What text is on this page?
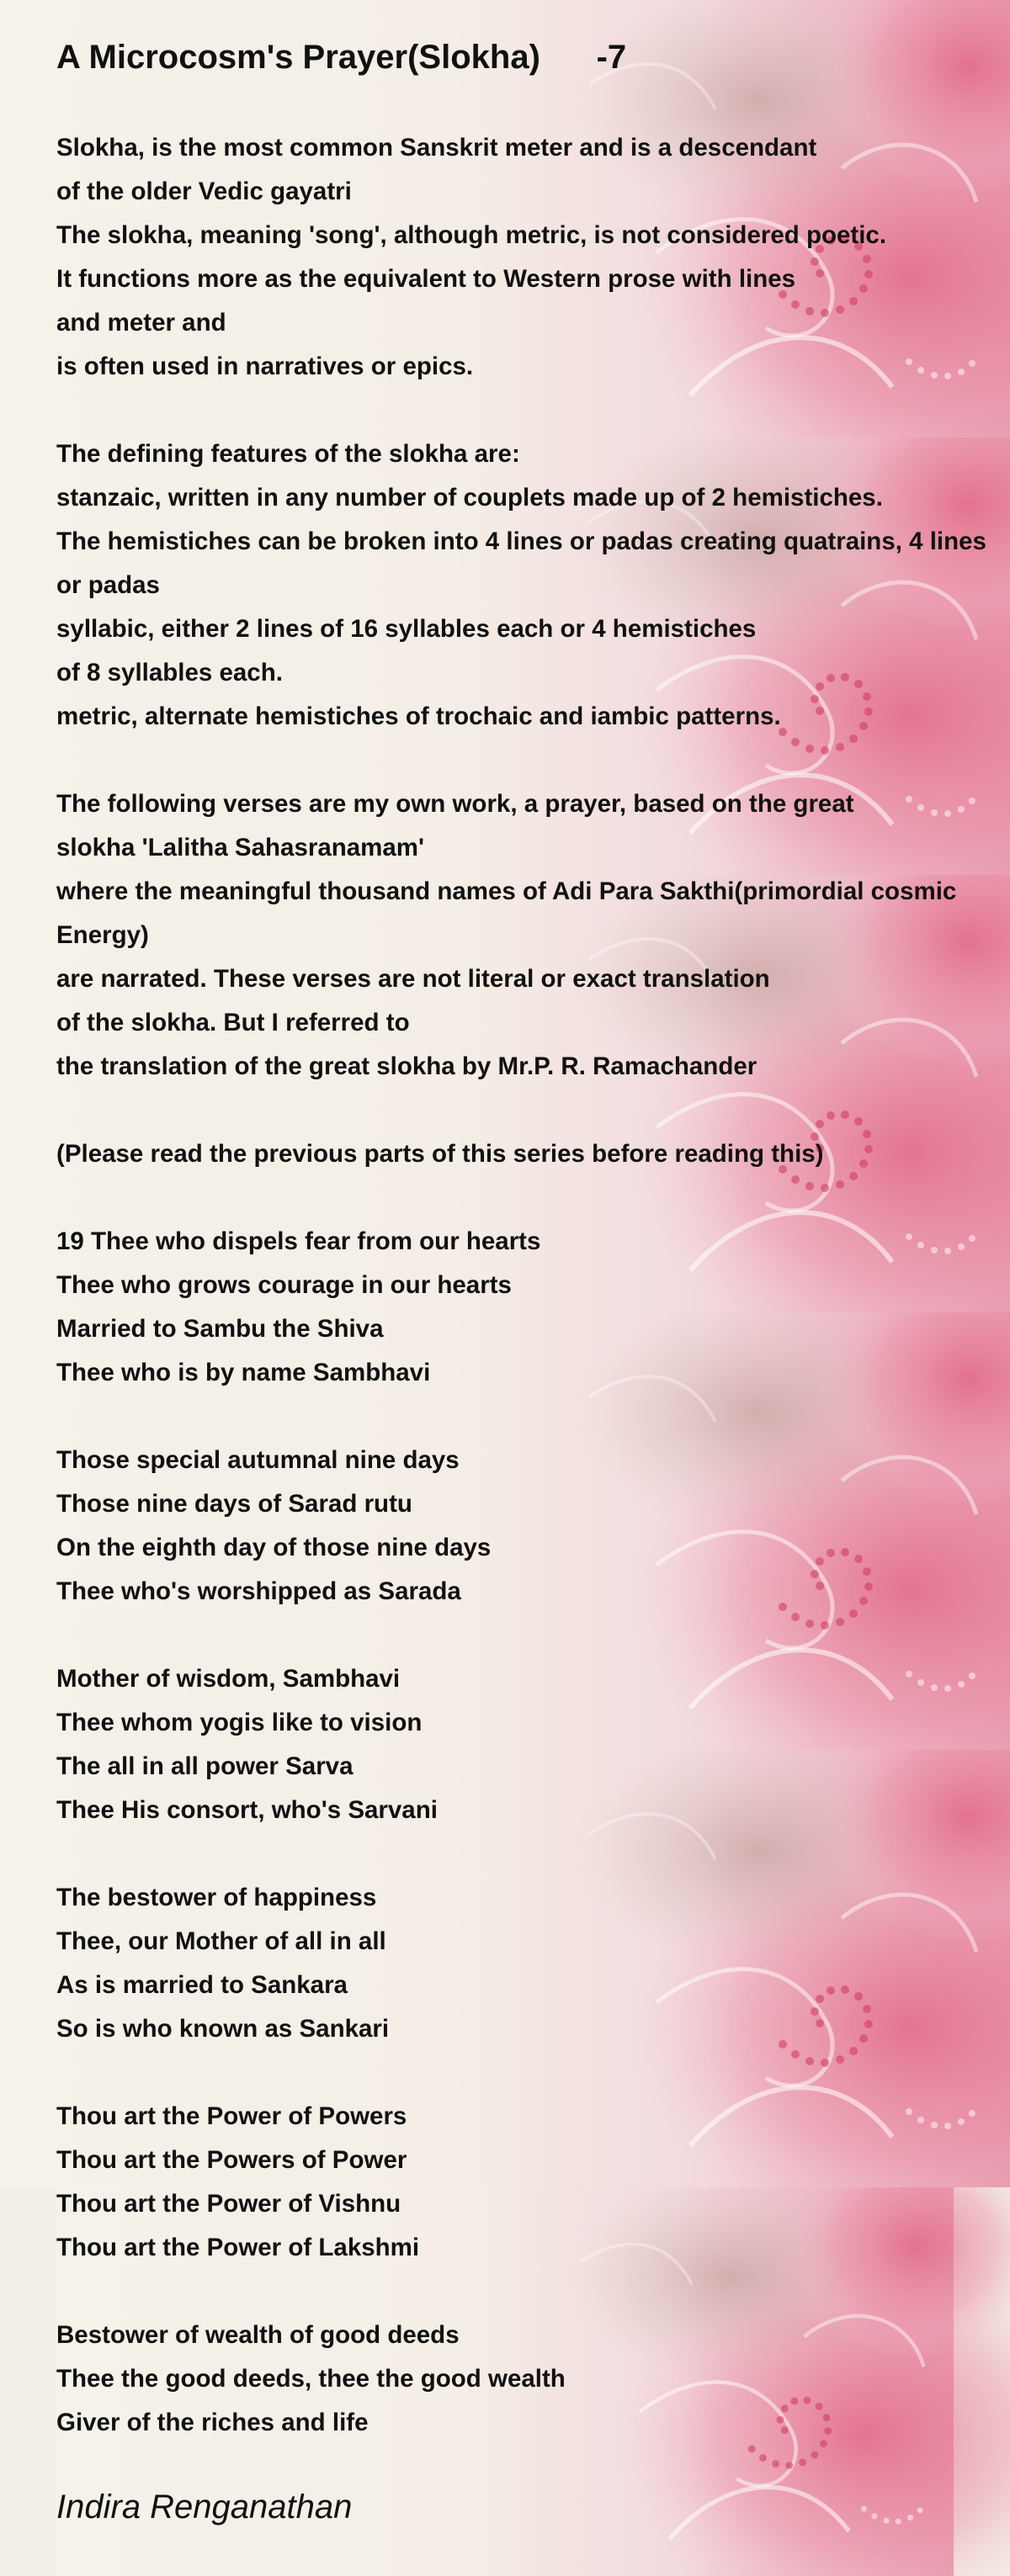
A Microcosm's Prayer(Slokha)      -7
Slokha, is the most common Sanskrit meter and is a descendant
of the older Vedic gayatri
The slokha, meaning 'song', although metric, is not considered poetic.
It functions more as the equivalent to Western prose with lines
and meter and
is often used in narratives or epics.
The defining features of the slokha are:
stanzaic, written in any number of couplets made up of 2 hemistiches.
The hemistiches can be broken into 4 lines or padas creating quatrains, 4 lines or padas
syllabic, either 2 lines of 16 syllables each or 4 hemistiches
of 8 syllables each.
metric, alternate hemistiches of trochaic and iambic patterns.
The following verses are my own work, a prayer, based on the great
slokha 'Lalitha Sahasranamam'
where the meaningful thousand names of Adi Para Sakthi(primordial cosmic Energy)
are narrated. These verses are not literal or exact translation
of the slokha. But I referred to
the translation of the great slokha by Mr.P. R. Ramachander
(Please read the previous parts of this series before reading this)
19 Thee who dispels fear from our hearts
Thee who grows courage in our hearts
Married to Sambu the Shiva
Thee who is by name Sambhavi
Those special autumnal nine days
Those nine days of Sarad rutu
On the eighth day of those nine days
Thee who's worshipped as Sarada
Mother of wisdom, Sambhavi
Thee whom yogis like to vision
The all in all power Sarva
Thee His consort, who's Sarvani
The bestower of happiness
Thee, our Mother of all in all
As is married to Sankara
So is who known as Sankari
Thou art the Power of Powers
Thou art the Powers of Power
Thou art the Power of Vishnu
Thou art the Power of Lakshmi
Bestower of wealth of good deeds
Thee the good deeds, thee the good wealth
Giver of the riches and life
Indira Renganathan
